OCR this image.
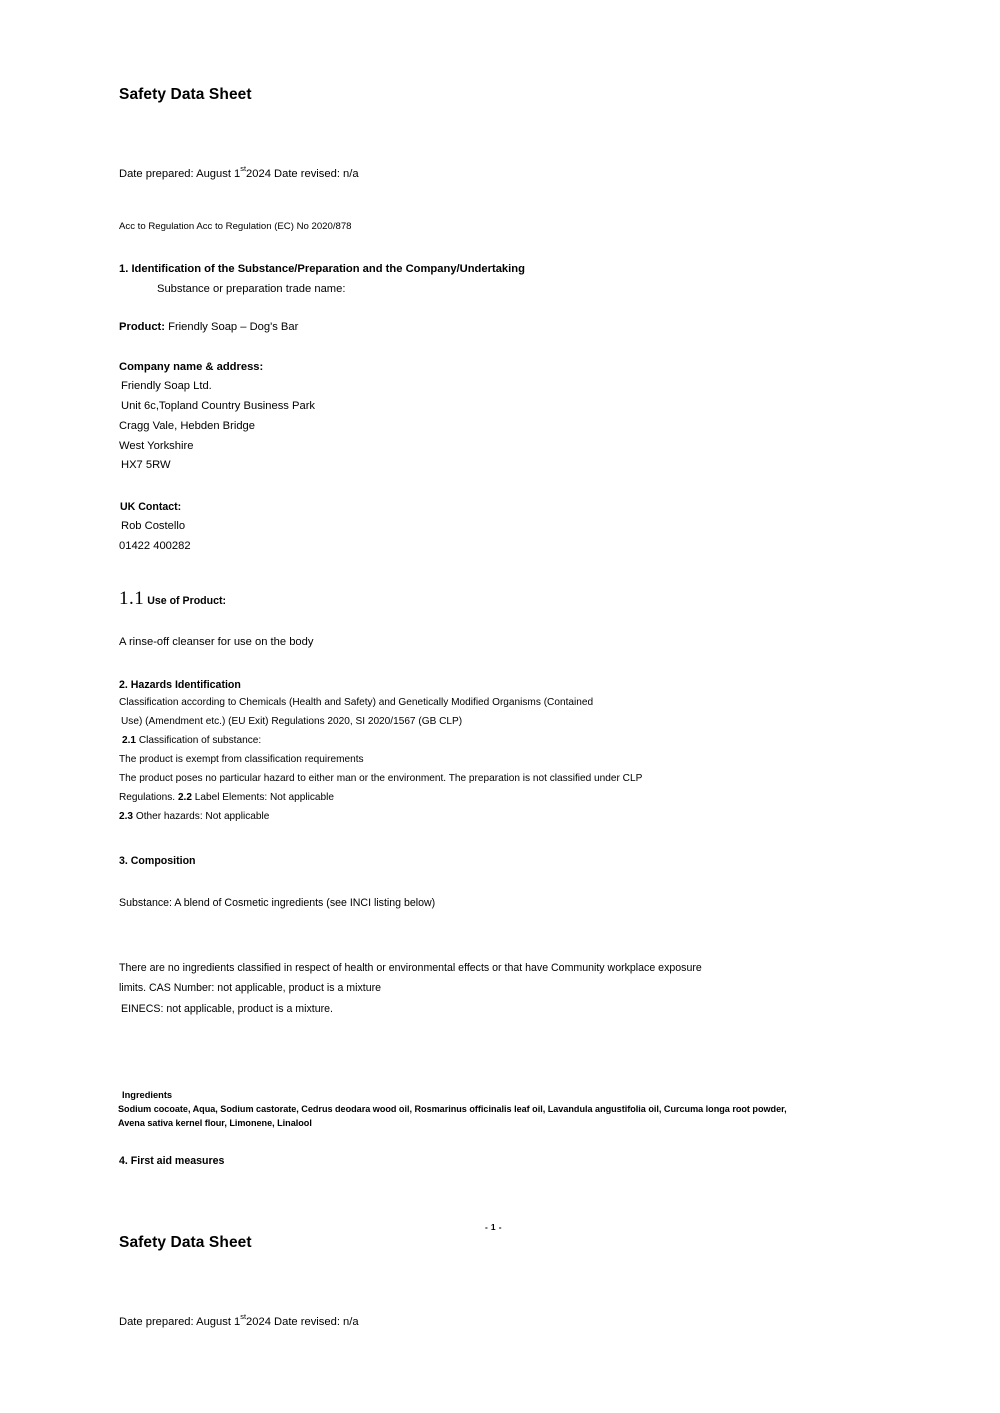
Safety Data Sheet
Date prepared: August 1st2024 Date revised: n/a
Acc to Regulation Acc to Regulation (EC) No 2020/878
1. Identification of the Substance/Preparation and the Company/Undertaking
Substance or preparation trade name:
Product: Friendly Soap – Dog's Bar
Company name & address:
Friendly Soap Ltd.
Unit 6c,Topland Country Business Park
Cragg Vale, Hebden Bridge
West Yorkshire
HX7 5RW
UK Contact:
Rob Costello
01422 400282
1.1 Use of Product:
A rinse-off cleanser for use on the body
2. Hazards Identification
Classification according to Chemicals (Health and Safety) and Genetically Modified Organisms (Contained
Use) (Amendment etc.) (EU Exit) Regulations 2020, SI 2020/1567 (GB CLP)
2.1 Classification of substance:
The product is exempt from classification requirements
The product poses no particular hazard to either man or the environment. The preparation is not classified under CLP
Regulations. 2.2 Label Elements: Not applicable
2.3 Other hazards: Not applicable
3. Composition
Substance: A blend of Cosmetic ingredients (see INCI listing below)
There are no ingredients classified in respect of health or environmental effects or that have Community workplace exposure
limits. CAS Number: not applicable, product is a mixture
EINECS: not applicable, product is a mixture.
Ingredients
Sodium cocoate, Aqua, Sodium castorate, Cedrus deodara wood oil, Rosmarinus officinalis leaf oil, Lavandula angustifolia oil, Curcuma longa root powder,
Avena sativa kernel flour, Limonene, Linalool
4. First aid measures
- 1 -
Safety Data Sheet
Date prepared: August 1st2024 Date revised: n/a
